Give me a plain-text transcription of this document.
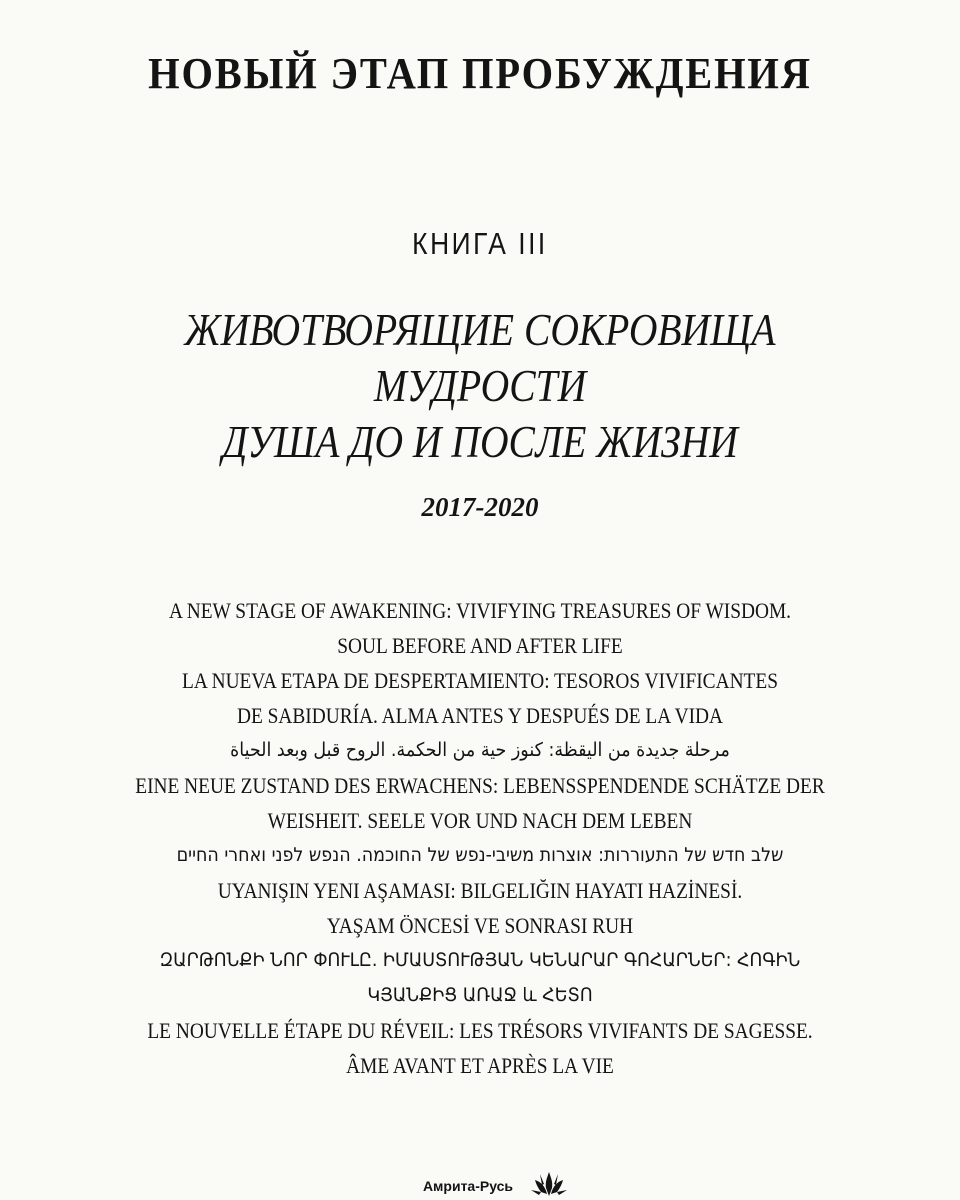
НОВЫЙ ЭТАП ПРОБУЖДЕНИЯ
КНИГА III
ЖИВОТВОРЯЩИЕ СОКРОВИЩА
МУДРОСТИ
ДУША ДО И ПОСЛЕ ЖИЗНИ
2017-2020
A NEW STAGE OF AWAKENING: VIVIFYING TREASURES OF WISDOM.
SOUL BEFORE AND AFTER LIFE
LA NUEVA ETAPA DE DESPERTAMIENTO: TESOROS VIVIFICANTES
DE SABIDURÍA. ALMA ANTES Y DESPUÉS DE LA VIDA
مرحلة جديدة من اليقظة: كنوز حية من الحكمة. الروح قبل وبعد الحياة
EINE NEUE ZUSTAND DES ERWACHENS: LEBENSSPENDENDE SCHÄTZE DER
WEISHEIT. SEELE VOR UND NACH DEM LEBEN
שלב חדש של התעוררות: אוצרות משיבי-נפש של החוכמה. הנפש לפני ואחרי החיים
UYANIŞIN YENI AŞAMASI: BILGELIĞIN HAYATI HAZİNESİ.
YAŞAM ÖNCESİ VE SONRASI RUH
ԶԱՐԹՈՆՔԻ ՆՈՐ ՓՈՒԼԸ. ԻՄԱՍՏՈՒԹՅԱՆ ԿԵՆԱՐԱՐ ԳՈՀԱՐՆԵՐ: ՀՈԳԻՆ
ԿՅԱՆՔԻՑ ԱՌԱՋ և ՀԵՏՈ
LE NOUVELLE ÉTAPE DU RÉVEIL: LES TRÉSORS VIVIFANTS DE SAGESSE.
ÂME AVANT ET APRÈS LA VIE
Амрита-Русь
